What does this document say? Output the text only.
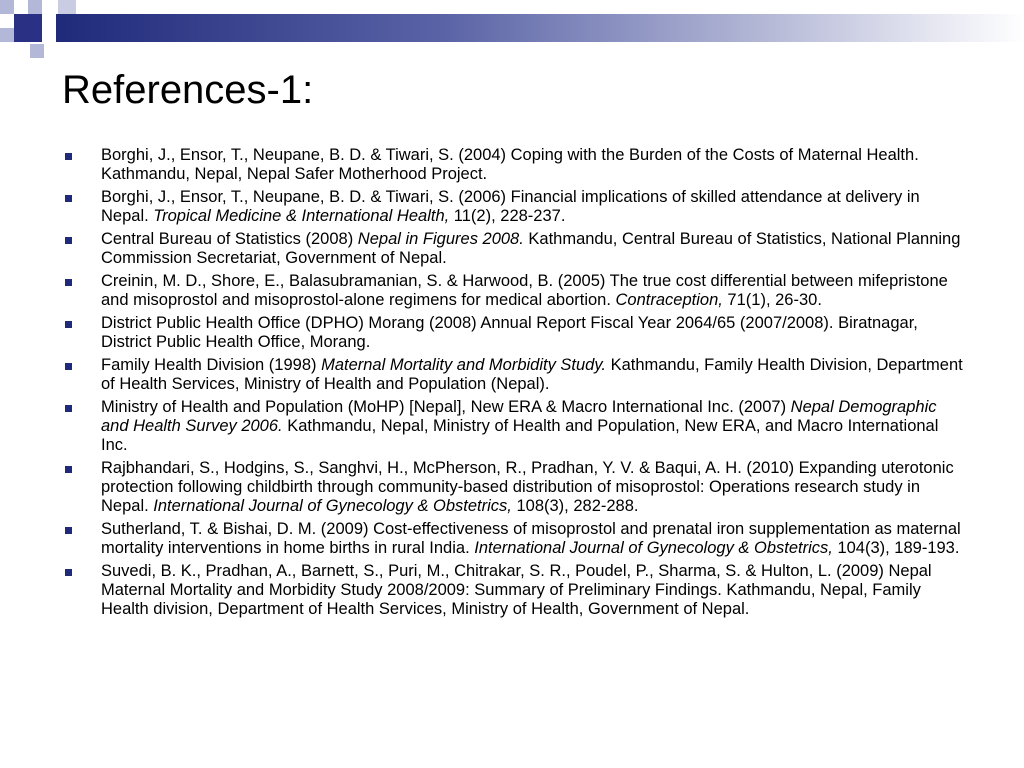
References-1:
Borghi, J., Ensor, T., Neupane, B. D. & Tiwari, S. (2004) Coping with the Burden of the Costs of Maternal Health. Kathmandu, Nepal, Nepal Safer Motherhood Project.
Borghi, J., Ensor, T., Neupane, B. D. & Tiwari, S. (2006) Financial implications of skilled attendance at delivery in Nepal. Tropical Medicine & International Health, 11(2), 228-237.
Central Bureau of Statistics (2008) Nepal in Figures 2008. Kathmandu, Central Bureau of Statistics, National Planning Commission Secretariat, Government of Nepal.
Creinin, M. D., Shore, E., Balasubramanian, S. & Harwood, B. (2005) The true cost differential between mifepristone and misoprostol and misoprostol-alone regimens for medical abortion. Contraception, 71(1), 26-30.
District Public Health Office (DPHO) Morang (2008) Annual Report Fiscal Year 2064/65 (2007/2008). Biratnagar, District Public Health Office, Morang.
Family Health Division (1998) Maternal Mortality and Morbidity Study. Kathmandu, Family Health Division, Department of Health Services, Ministry of Health and Population (Nepal).
Ministry of Health and Population (MoHP) [Nepal], New ERA & Macro International Inc. (2007) Nepal Demographic and Health Survey 2006. Kathmandu, Nepal, Ministry of Health and Population, New ERA, and Macro International Inc.
Rajbhandari, S., Hodgins, S., Sanghvi, H., McPherson, R., Pradhan, Y. V. & Baqui, A. H. (2010) Expanding uterotonic protection following childbirth through community-based distribution of misoprostol: Operations research study in Nepal. International Journal of Gynecology & Obstetrics, 108(3), 282-288.
Sutherland, T. & Bishai, D. M. (2009) Cost-effectiveness of misoprostol and prenatal iron supplementation as maternal mortality interventions in home births in rural India. International Journal of Gynecology & Obstetrics, 104(3), 189-193.
Suvedi, B. K., Pradhan, A., Barnett, S., Puri, M., Chitrakar, S. R., Poudel, P., Sharma, S. & Hulton, L. (2009) Nepal Maternal Mortality and Morbidity Study 2008/2009: Summary of Preliminary Findings. Kathmandu, Nepal, Family Health division, Department of Health Services, Ministry of Health, Government of Nepal.
